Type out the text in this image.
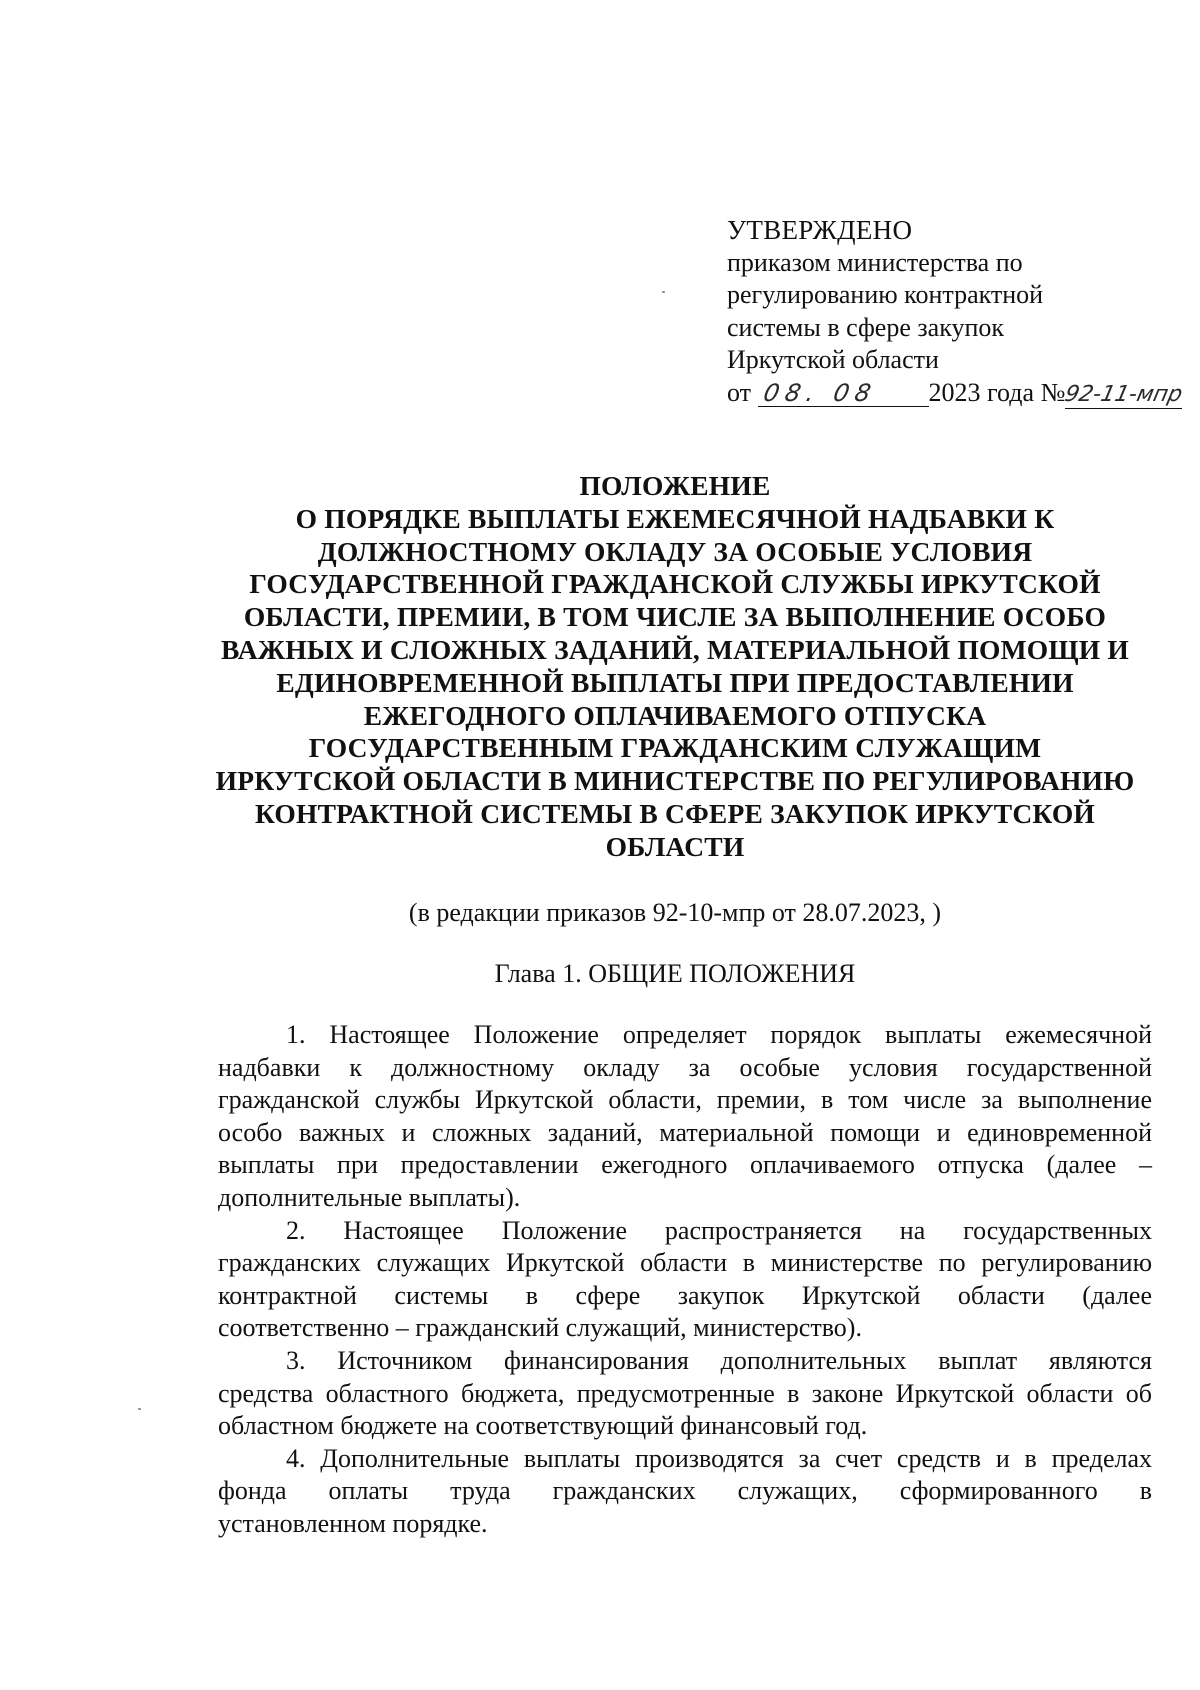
УТВЕРЖДЕНО
приказом министерства по
регулированию контрактной
системы в сфере закупок
Иркутской области
от 08. 08 2023 года №92-11-мпр
ПОЛОЖЕНИЕ
О ПОРЯДКЕ ВЫПЛАТЫ ЕЖЕМЕСЯЧНОЙ НАДБАВКИ К
ДОЛЖНОСТНОМУ ОКЛАДУ ЗА ОСОБЫЕ УСЛОВИЯ
ГОСУДАРСТВЕННОЙ ГРАЖДАНСКОЙ СЛУЖБЫ ИРКУТСКОЙ
ОБЛАСТИ, ПРЕМИИ, В ТОМ ЧИСЛЕ ЗА ВЫПОЛНЕНИЕ ОСОБО
ВАЖНЫХ И СЛОЖНЫХ ЗАДАНИЙ, МАТЕРИАЛЬНОЙ ПОМОЩИ И
ЕДИНОВРЕМЕННОЙ ВЫПЛАТЫ ПРИ ПРЕДОСТАВЛЕНИИ
ЕЖЕГОДНОГО ОПЛАЧИВАЕМОГО ОТПУСКА
ГОСУДАРСТВЕННЫМ ГРАЖДАНСКИМ СЛУЖАЩИМ
ИРКУТСКОЙ ОБЛАСТИ В МИНИСТЕРСТВЕ ПО РЕГУЛИРОВАНИЮ
КОНТРАКТНОЙ СИСТЕМЫ В СФЕРЕ ЗАКУПОК ИРКУТСКОЙ
ОБЛАСТИ
(в редакции приказов 92-10-мпр от 28.07.2023, )
Глава 1. ОБЩИЕ ПОЛОЖЕНИЯ
1. Настоящее Положение определяет порядок выплаты ежемесячной
надбавки к должностному окладу за особые условия государственной
гражданской службы Иркутской области, премии, в том числе за выполнение
особо важных и сложных заданий, материальной помощи и единовременной
выплаты при предоставлении ежегодного оплачиваемого отпуска (далее –
дополнительные выплаты).
2. Настоящее Положение распространяется на государственных
гражданских служащих Иркутской области в министерстве по регулированию
контрактной системы в сфере закупок Иркутской области (далее
соответственно – гражданский служащий, министерство).
3. Источником финансирования дополнительных выплат являются
средства областного бюджета, предусмотренные в законе Иркутской области об
областном бюджете на соответствующий финансовый год.
4. Дополнительные выплаты производятся за счет средств и в пределах
фонда оплаты труда гражданских служащих, сформированного в
установленном порядке.
